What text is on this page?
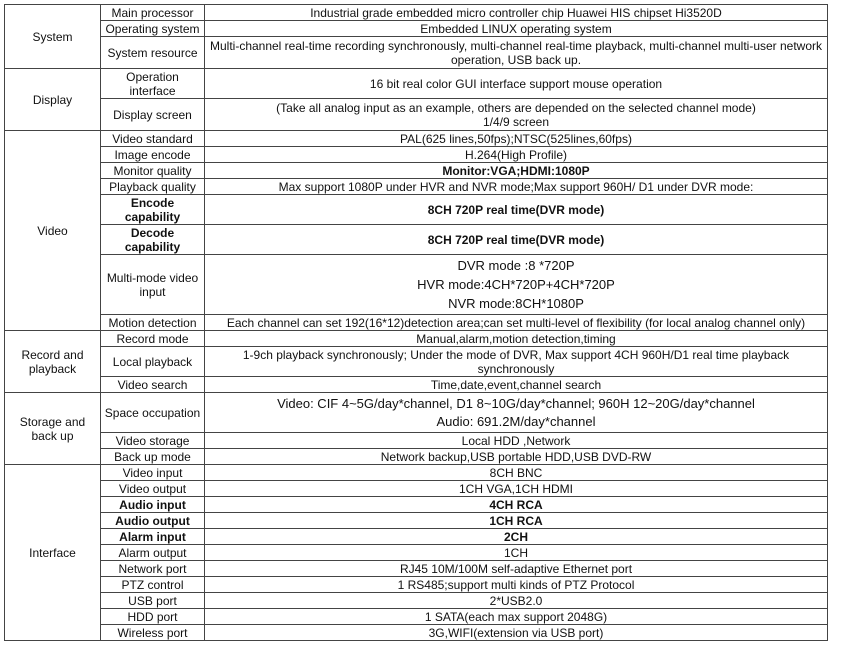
System	Main processor	Industrial grade embedded micro controller chip Huawei HIS chipset Hi3520D
	Operating system	Embedded LINUX operating system
	System resource	Multi-channel real-time recording synchronously, multi-channel real-time playback, multi-channel multi-user network operation, USB back up.
Display	Operation interface	16 bit real color GUI interface support mouse operation
	Display screen	(Take all analog input as an example, others are depended on the selected channel mode)
1/4/9 screen

Video	Video standard	PAL(625 lines,50fps);NTSC(525lines,60fps)
	Image encode	H.264(High Profile)
	Monitor quality	Monitor:VGA;HDMI:1080P
	Playback quality	Max support 1080P under HVR and NVR mode;Max support 960H/ D1 under DVR mode:
	Encode capability	8CH 720P real time(DVR mode)
	Decode capability	8CH 720P real time(DVR mode)
	Multi-mode video input	DVR mode :8 *720P
HVR mode:4CH*720P+4CH*720P
NVR mode:8CH*1080P

	Motion detection	Each channel can set 192(16*12)detection area;can set multi-level of flexibility (for local analog channel only)
Record and playback	Record mode	Manual,alarm,motion detection,timing
	Local playback	1-9ch playback synchronously; Under the mode of DVR, Max support 4CH 960H/D1 real time playback synchronously
	Video search	Time,date,event,channel search
Storage and back up	Space occupation	Video: CIF 4~5G/day*channel, D1 8~10G/day*channel; 960H 12~20G/day*channel
Audio: 691.2M/day*channel

	Video storage	Local HDD ,Network
	Back up mode	Network backup,USB portable HDD,USB DVD-RW
Interface	Video input	8CH BNC
	Video output	1CH VGA,1CH HDMI
	Audio input	4CH RCA
	Audio output	1CH RCA
	Alarm input	2CH
	Alarm output	1CH
	Network port	RJ45 10M/100M self-adaptive Ethernet port
	PTZ control	1 RS485;support multi kinds of PTZ Protocol
	USB port	2*USB2.0
	HDD port	1 SATA(each max support 2048G)
	Wireless port	3G,WIFI(extension via USB port)
